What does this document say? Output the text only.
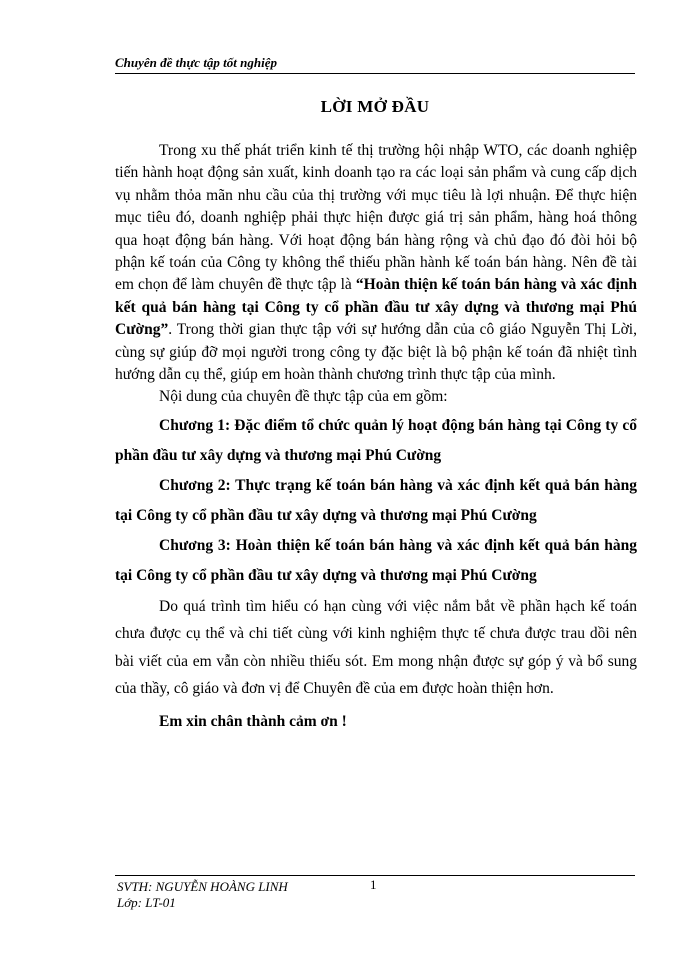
Chuyên đề thực tập tốt nghiệp
LỜI MỞ ĐẦU

Trong xu thế phát triển kinh tế thị trường hội nhập WTO, các doanh nghiệp tiến hành hoạt động sản xuất, kinh doanh tạo ra các loại sản phẩm và cung cấp dịch vụ nhằm thỏa mãn nhu cầu của thị trường với mục tiêu là lợi nhuận. Để thực hiện mục tiêu đó, doanh nghiệp phải thực hiện được giá trị sản phẩm, hàng hoá thông qua hoạt động bán hàng. Với hoạt động bán hàng rộng và chủ đạo đó đòi hỏi bộ phận kế toán của Công ty không thể thiếu phần hành kế toán bán hàng. Nên đề tài em chọn để làm chuyên đề thực tập là “Hoàn thiện kế toán bán hàng và xác định kết quả bán hàng tại Công ty cổ phần đầu tư xây dựng và thương mại Phú Cường”. Trong thời gian thực tập với sự hướng dẫn của cô giáo Nguyễn Thị Lời, cùng sự giúp đỡ mọi người trong công ty đặc biệt là bộ phận kế toán đã nhiệt tình hướng dẫn cụ thể, giúp em hoàn thành chương trình thực tập của mình.

Nội dung của chuyên đề thực tập của em gồm:

Chương 1: Đặc điểm tổ chức quản lý hoạt động bán hàng tại Công ty cổ phần đầu tư xây dựng và thương mại Phú Cường

Chương 2: Thực trạng kế toán bán hàng và xác định kết quả bán hàng tại Công ty cổ phần đầu tư xây dựng và thương mại Phú Cường

Chương 3: Hoàn thiện kế toán bán hàng và xác định kết quả bán hàng tại Công ty cổ phần đầu tư xây dựng và thương mại Phú Cường

Do quá trình tìm hiểu có hạn cùng với việc nắm bắt về phần hạch kế toán chưa được cụ thể và chi tiết cùng với kinh nghiệm thực tế chưa được trau dồi nên bài viết của em vẫn còn nhiều thiếu sót. Em mong nhận được sự góp ý và bổ sung của thầy, cô giáo và đơn vị để Chuyên đề của em được hoàn thiện hơn.

Em xin chân thành cảm ơn !

SVTH: NGUYỄN HOÀNG LINH	1
Lớp: LT-01
